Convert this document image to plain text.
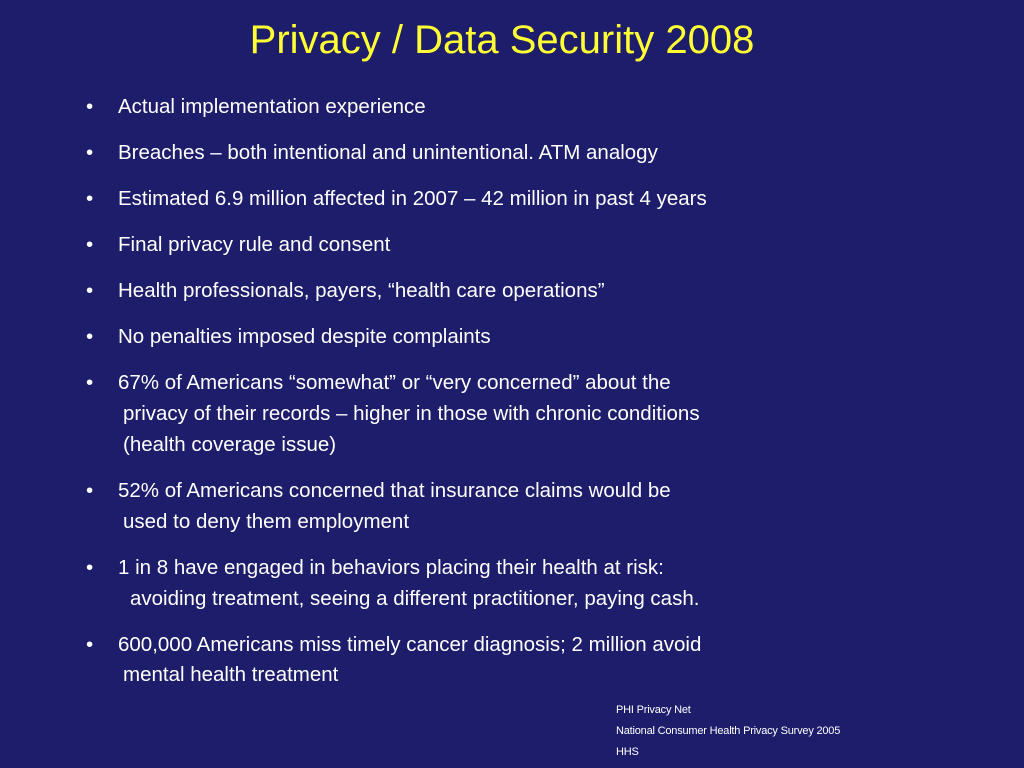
Privacy / Data Security 2008
• Actual implementation experience
• Breaches – both intentional and unintentional. ATM analogy
• Estimated 6.9 million affected in 2007 – 42 million in past 4 years
• Final privacy rule and consent
• Health professionals, payers, “health care operations”
• No penalties imposed despite complaints
• 67% of Americans “somewhat” or “very concerned” about the
privacy of their records – higher in those with chronic conditions
(health coverage issue)
• 52% of Americans concerned that insurance claims would be
used to deny them employment
• 1 in 8 have engaged in behaviors placing their health at risk:
avoiding treatment, seeing a different practitioner, paying cash.
• 600,000 Americans miss timely cancer diagnosis; 2 million avoid
mental health treatment
PHI Privacy Net
National Consumer Health Privacy Survey 2005
HHS
